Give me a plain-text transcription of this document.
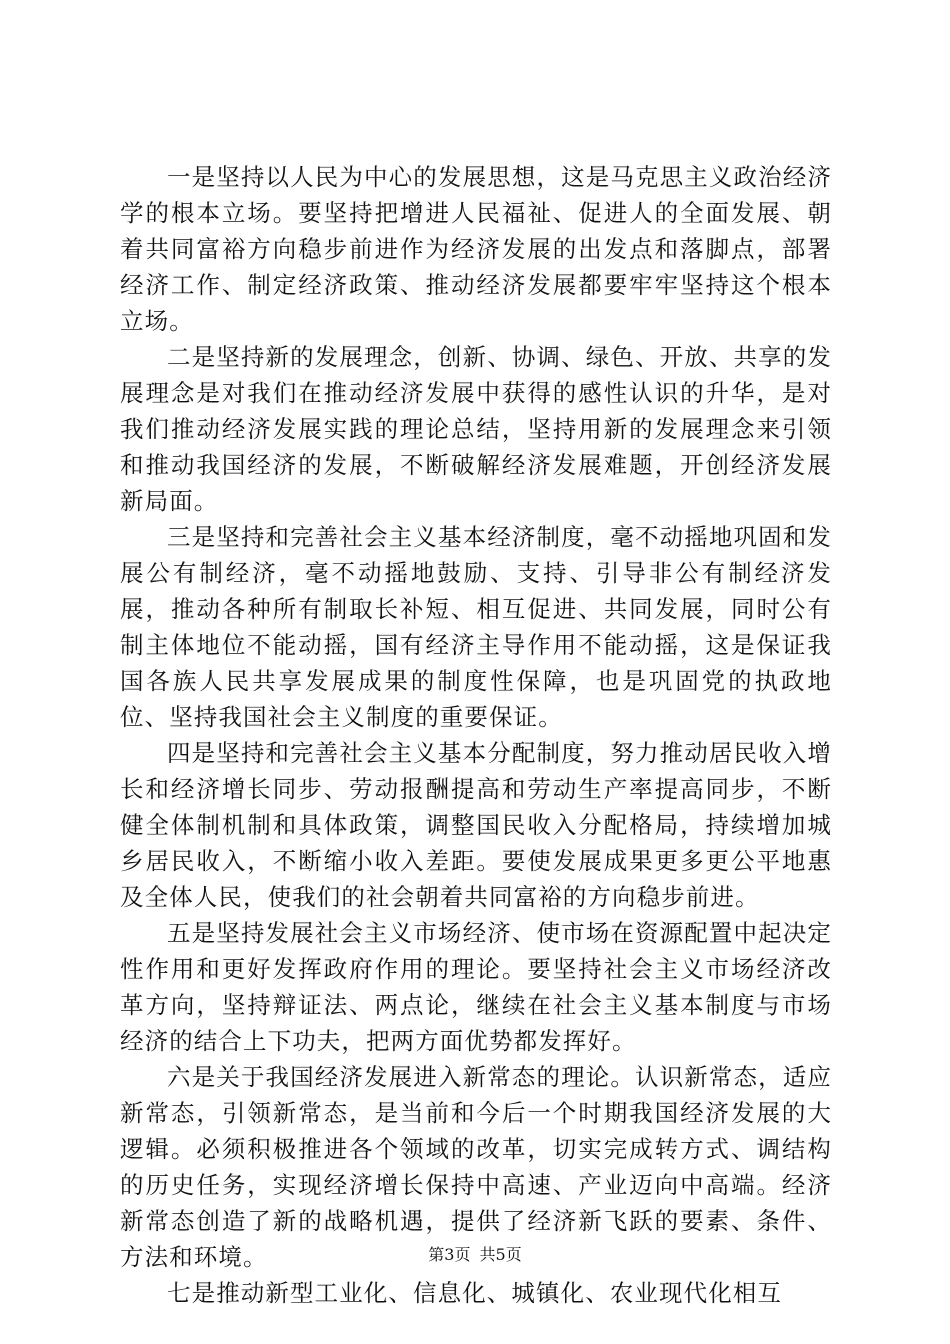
一是坚持以人民为中心的发展思想，这是马克思主义政治经济学的根本立场。要坚持把增进人民福祉、促进人的全面发展、朝着共同富裕方向稳步前进作为经济发展的出发点和落脚点，部署经济工作、制定经济政策、推动经济发展都要牢牢坚持这个根本立场。

二是坚持新的发展理念，创新、协调、绿色、开放、共享的发展理念是对我们在推动经济发展中获得的感性认识的升华，是对我们推动经济发展实践的理论总结，坚持用新的发展理念来引领和推动我国经济的发展，不断破解经济发展难题，开创经济发展新局面。

三是坚持和完善社会主义基本经济制度，毫不动摇地巩固和发展公有制经济，毫不动摇地鼓励、支持、引导非公有制经济发展，推动各种所有制取长补短、相互促进、共同发展，同时公有制主体地位不能动摇，国有经济主导作用不能动摇，这是保证我国各族人民共享发展成果的制度性保障，也是巩固党的执政地位、坚持我国社会主义制度的重要保证。

四是坚持和完善社会主义基本分配制度，努力推动居民收入增长和经济增长同步、劳动报酬提高和劳动生产率提高同步，不断健全体制机制和具体政策，调整国民收入分配格局，持续增加城乡居民收入，不断缩小收入差距。要使发展成果更多更公平地惠及全体人民，使我们的社会朝着共同富裕的方向稳步前进。

五是坚持发展社会主义市场经济、使市场在资源配置中起决定性作用和更好发挥政府作用的理论。要坚持社会主义市场经济改革方向，坚持辩证法、两点论，继续在社会主义基本制度与市场经济的结合上下功夫，把两方面优势都发挥好。

六是关于我国经济发展进入新常态的理论。认识新常态，适应新常态，引领新常态，是当前和今后一个时期我国经济发展的大逻辑。必须积极推进各个领域的改革，切实完成转方式、调结构的历史任务，实现经济增长保持中高速、产业迈向中高端。经济新常态创造了新的战略机遇，提供了经济新飞跃的要素、条件、方法和环境。

七是推动新型工业化、信息化、城镇化、农业现代化相互

第3页 共5页
